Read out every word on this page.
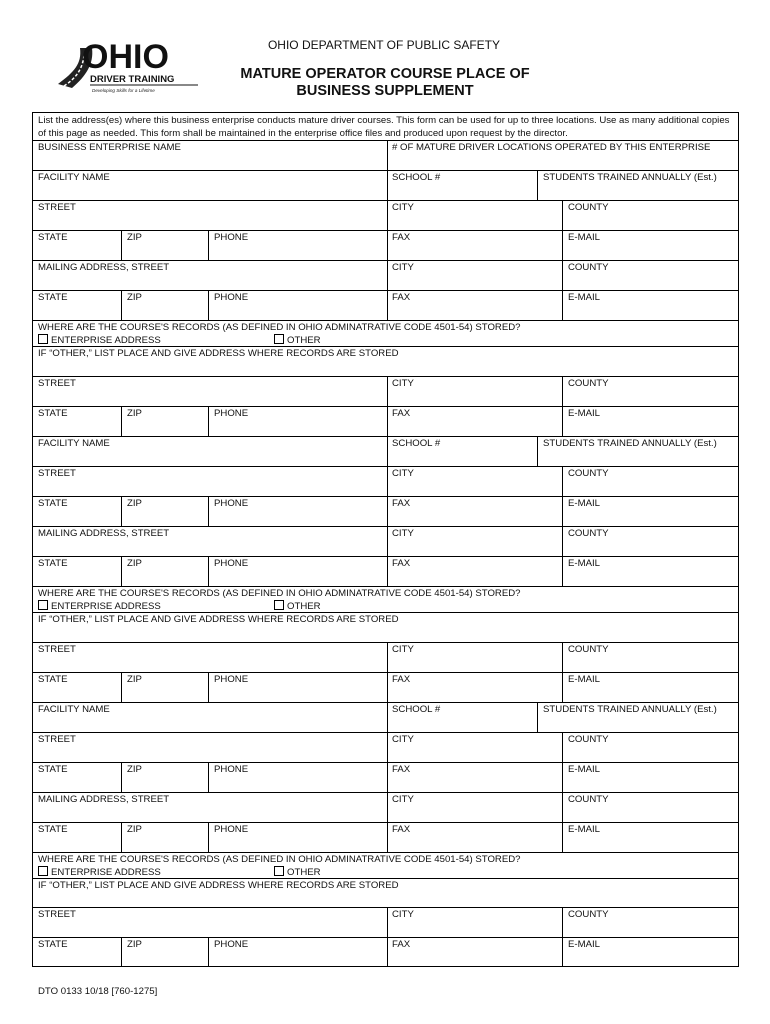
OHIO
DRIVER TRAINING
Developing Skills for a Lifetime
OHIO DEPARTMENT OF PUBLIC SAFETY
MATURE OPERATOR COURSE PLACE OF
BUSINESS SUPPLEMENT
List the address(es) where this business enterprise conducts mature driver courses. This form can be used for up to three locations. Use as many additional copies of this page as needed. This form shall be maintained in the enterprise office files and produced upon request by the director.
BUSINESS ENTERPRISE NAME	# OF MATURE DRIVER LOCATIONS OPERATED BY THIS ENTERPRISE
FACILITY NAME	SCHOOL #	STUDENTS TRAINED ANNUALLY (Est.)
STREET	CITY	COUNTY
STATE	ZIP	PHONE	FAX	E-MAIL
MAILING ADDRESS, STREET	CITY	COUNTY
STATE	ZIP	PHONE	FAX	E-MAIL
WHERE ARE THE COURSE'S RECORDS (AS DEFINED IN OHIO ADMINATRATIVE CODE 4501-54) STORED?
ENTERPRISE ADDRESS	OTHER
IF “OTHER,” LIST PLACE AND GIVE ADDRESS WHERE RECORDS ARE STORED
STREET	CITY	COUNTY
STATE	ZIP	PHONE	FAX	E-MAIL
FACILITY NAME	SCHOOL #	STUDENTS TRAINED ANNUALLY (Est.)
STREET	CITY	COUNTY
STATE	ZIP	PHONE	FAX	E-MAIL
MAILING ADDRESS, STREET	CITY	COUNTY
STATE	ZIP	PHONE	FAX	E-MAIL
WHERE ARE THE COURSE'S RECORDS (AS DEFINED IN OHIO ADMINATRATIVE CODE 4501-54) STORED?
ENTERPRISE ADDRESS	OTHER
IF “OTHER,” LIST PLACE AND GIVE ADDRESS WHERE RECORDS ARE STORED
STREET	CITY	COUNTY
STATE	ZIP	PHONE	FAX	E-MAIL
FACILITY NAME	SCHOOL #	STUDENTS TRAINED ANNUALLY (Est.)
STREET	CITY	COUNTY
STATE	ZIP	PHONE	FAX	E-MAIL
MAILING ADDRESS, STREET	CITY	COUNTY
STATE	ZIP	PHONE	FAX	E-MAIL
WHERE ARE THE COURSE'S RECORDS (AS DEFINED IN OHIO ADMINATRATIVE CODE 4501-54) STORED?
ENTERPRISE ADDRESS	OTHER
IF “OTHER,” LIST PLACE AND GIVE ADDRESS WHERE RECORDS ARE STORED
STREET	CITY	COUNTY
STATE	ZIP	PHONE	FAX	E-MAIL
DTO 0133 10/18 [760-1275]
